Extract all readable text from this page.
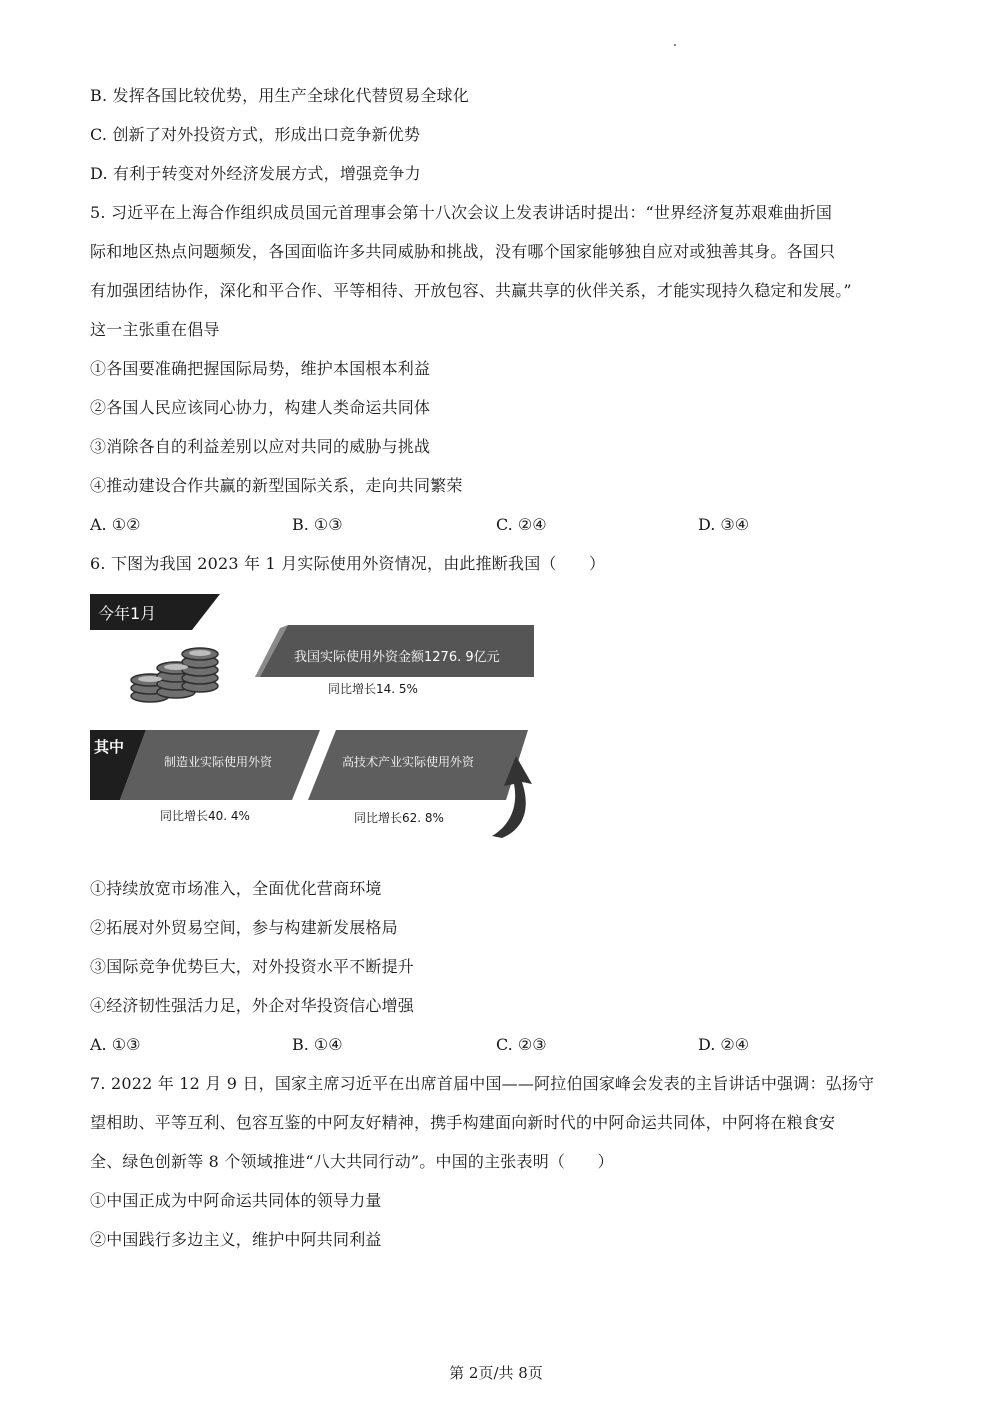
B. 发挥各国比较优势，用生产全球化代替贸易全球化
C. 创新了对外投资方式，形成出口竞争新优势
D. 有利于转变对外经济发展方式，增强竞争力
5. 习近平在上海合作组织成员国元首理事会第十八次会议上发表讲话时提出：“世界经济复苏艰难曲折国
际和地区热点问题频发，各国面临许多共同威胁和挑战，没有哪个国家能够独自应对或独善其身。各国只
有加强团结协作，深化和平合作、平等相待、开放包容、共赢共享的伙伴关系，才能实现持久稳定和发展。”
这一主张重在倡导
①各国要准确把握国际局势，维护本国根本利益
②各国人民应该同心协力，构建人类命运共同体
③消除各自的利益差别以应对共同的威胁与挑战
④推动建设合作共赢的新型国际关系，走向共同繁荣
A. ①②	B. ①③	C. ②④	D. ③④
6. 下图为我国 2023 年 1 月实际使用外资情况，由此推断我国（　　）
今年1月
我国实际使用外资金额1276. 9亿元
同比增长14. 5%
其中
制造业实际使用外资
同比增长40. 4%
高技术产业实际使用外资
同比增长62. 8%
①持续放宽市场准入，全面优化营商环境
②拓展对外贸易空间，参与构建新发展格局
③国际竞争优势巨大，对外投资水平不断提升
④经济韧性强活力足，外企对华投资信心增强
A. ①③	B. ①④	C. ②③	D. ②④
7. 2022 年 12 月 9 日，国家主席习近平在出席首届中国——阿拉伯国家峰会发表的主旨讲话中强调：弘扬守
望相助、平等互利、包容互鉴的中阿友好精神，携手构建面向新时代的中阿命运共同体，中阿将在粮食安
全、绿色创新等 8 个领域推进“八大共同行动”。中国的主张表明（　　）
①中国正成为中阿命运共同体的领导力量
②中国践行多边主义，维护中阿共同利益
第 2页/共 8页
